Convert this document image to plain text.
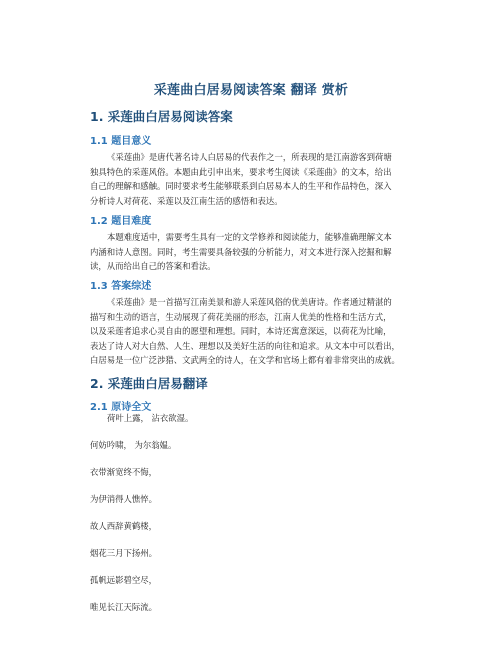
采莲曲白居易阅读答案 翻译 赏析
1. 采莲曲白居易阅读答案
1.1 题目意义
《采莲曲》是唐代著名诗人白居易的代表作之一，所表现的是江南游客到荷塘
独具特色的采莲风俗。本题由此引申出来，要求考生阅读《采莲曲》的文本，给出
自己的理解和感触。同时要求考生能够联系到白居易本人的生平和作品特色，深入
分析诗人对荷花、采莲以及江南生活的感悟和表达。
1.2 题目难度
本题难度适中，需要考生具有一定的文学修养和阅读能力，能够准确理解文本
内涵和诗人意图。同时，考生需要具备较强的分析能力，对文本进行深入挖掘和解
读，从而给出自己的答案和看法。
1.3 答案综述
《采莲曲》是一首描写江南美景和游人采莲风俗的优美唐诗。作者通过精湛的
描写和生动的语言，生动展现了荷花美丽的形态，江南人优美的性格和生活方式，
以及采莲者追求心灵自由的愿望和理想。同时，本诗还寓意深远，以荷花为比喻，
表达了诗人对大自然、人生、理想以及美好生活的向往和追求。从文本中可以看出，
白居易是一位广泛涉猎、文武两全的诗人，在文学和官场上都有着非常突出的成就。
2. 采莲曲白居易翻译
2.1 原诗全文
荷叶上露， 沾衣欲湿。
何妨吟啸， 为尔翁媪。
衣带渐宽终不悔，
为伊消得人憔悴。
故人西辞黄鹤楼，
烟花三月下扬州。
孤帆远影碧空尽，
唯见长江天际流。
